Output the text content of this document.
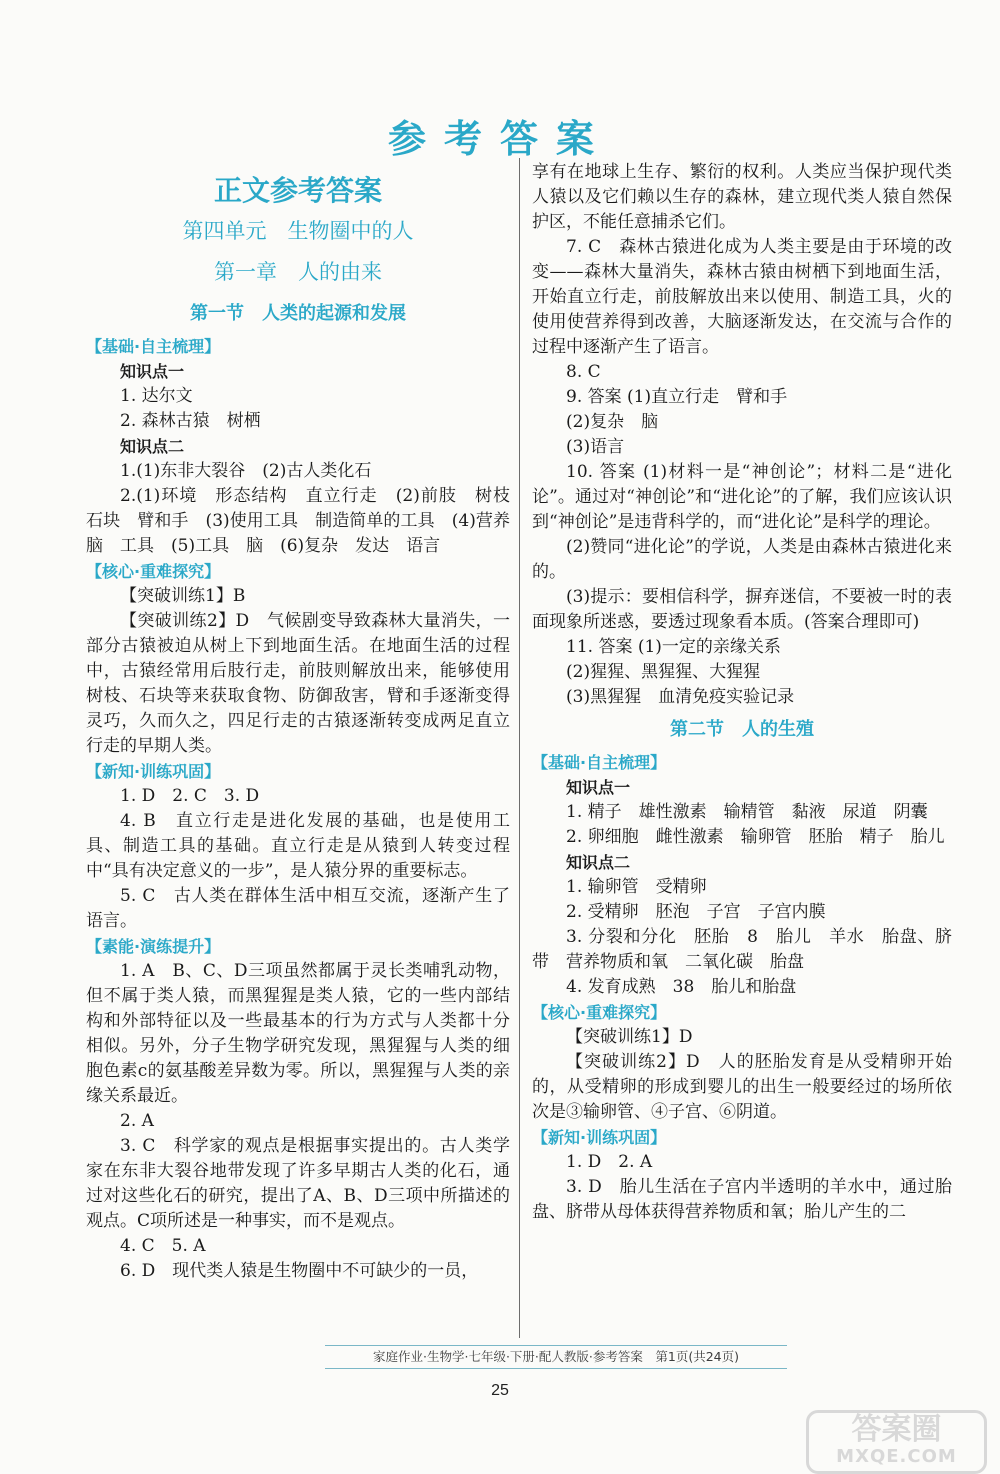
参考答案
正文参考答案
第四单元　生物圈中的人
第一章　人的由来
第一节　人类的起源和发展
【基础·自主梳理】
知识点一
1. 达尔文
2. 森林古猿　树栖
知识点二
1.(1)东非大裂谷　(2)古人类化石
2.(1)环境　形态结构　直立行走　(2)前肢　树枝　石块　臂和手　(3)使用工具　制造简单的工具　(4)营养　脑　工具　(5)工具　脑　(6)复杂　发达　语言
【核心·重难探究】
【突破训练1】B
【突破训练2】D　气候剧变导致森林大量消失，一部分古猿被迫从树上下到地面生活。在地面生活的过程中，古猿经常用后肢行走，前肢则解放出来，能够使用树枝、石块等来获取食物、防御敌害，臂和手逐渐变得灵巧，久而久之，四足行走的古猿逐渐转变成两足直立行走的早期人类。
【新知·训练巩固】
1. D　2. C　3. D
4. B　直立行走是进化发展的基础，也是使用工具、制造工具的基础。直立行走是从猿到人转变过程中“具有决定意义的一步”，是人猿分界的重要标志。
5. C　古人类在群体生活中相互交流，逐渐产生了语言。
【素能·演练提升】
1. A　B、C、D三项虽然都属于灵长类哺乳动物，但不属于类人猿，而黑猩猩是类人猿，它的一些内部结构和外部特征以及一些最基本的行为方式与人类都十分相似。另外，分子生物学研究发现，黑猩猩与人类的细胞色素c的氨基酸差异数为零。所以，黑猩猩与人类的亲缘关系最近。
2. A
3. C　科学家的观点是根据事实提出的。古人类学家在东非大裂谷地带发现了许多早期古人类的化石，通过对这些化石的研究，提出了A、B、D三项中所描述的观点。C项所述是一种事实，而不是观点。
4. C　5. A
6. D　现代类人猿是生物圈中不可缺少的一员，
享有在地球上生存、繁衍的权利。人类应当保护现代类人猿以及它们赖以生存的森林，建立现代类人猿自然保护区，不能任意捕杀它们。
7. C　森林古猿进化成为人类主要是由于环境的改变——森林大量消失，森林古猿由树栖下到地面生活，开始直立行走，前肢解放出来以使用、制造工具，火的使用使营养得到改善，大脑逐渐发达，在交流与合作的过程中逐渐产生了语言。
8. C
9. 答案 (1)直立行走　臂和手
(2)复杂　脑
(3)语言
10. 答案 (1)材料一是“神创论”；材料二是“进化论”。通过对“神创论”和“进化论”的了解，我们应该认识到“神创论”是违背科学的，而“进化论”是科学的理论。
(2)赞同“进化论”的学说，人类是由森林古猿进化来的。
(3)提示：要相信科学，摒弃迷信，不要被一时的表面现象所迷惑，要透过现象看本质。(答案合理即可)
11. 答案 (1)一定的亲缘关系
(2)猩猩、黑猩猩、大猩猩
(3)黑猩猩　血清免疫实验记录
第二节　人的生殖
【基础·自主梳理】
知识点一
1. 精子　雄性激素　输精管　黏液　尿道　阴囊
2. 卵细胞　雌性激素　输卵管　胚胎　精子　胎儿
知识点二
1. 输卵管　受精卵
2. 受精卵　胚泡　子宫　子宫内膜
3. 分裂和分化　胚胎　8　胎儿　羊水　胎盘、脐带　营养物质和氧　二氧化碳　胎盘
4. 发育成熟　38　胎儿和胎盘
【核心·重难探究】
【突破训练1】D
【突破训练2】D　人的胚胎发育是从受精卵开始的，从受精卵的形成到婴儿的出生一般要经过的场所依次是③输卵管、④子宫、⑥阴道。
【新知·训练巩固】
1. D　2. A
3. D　胎儿生活在子宫内半透明的羊水中，通过胎盘、脐带从母体获得营养物质和氧；胎儿产生的二
家庭作业·生物学·七年级·下册·配人教版·参考答案　第1页(共24页)
25
答案圈
MXQE.COM
